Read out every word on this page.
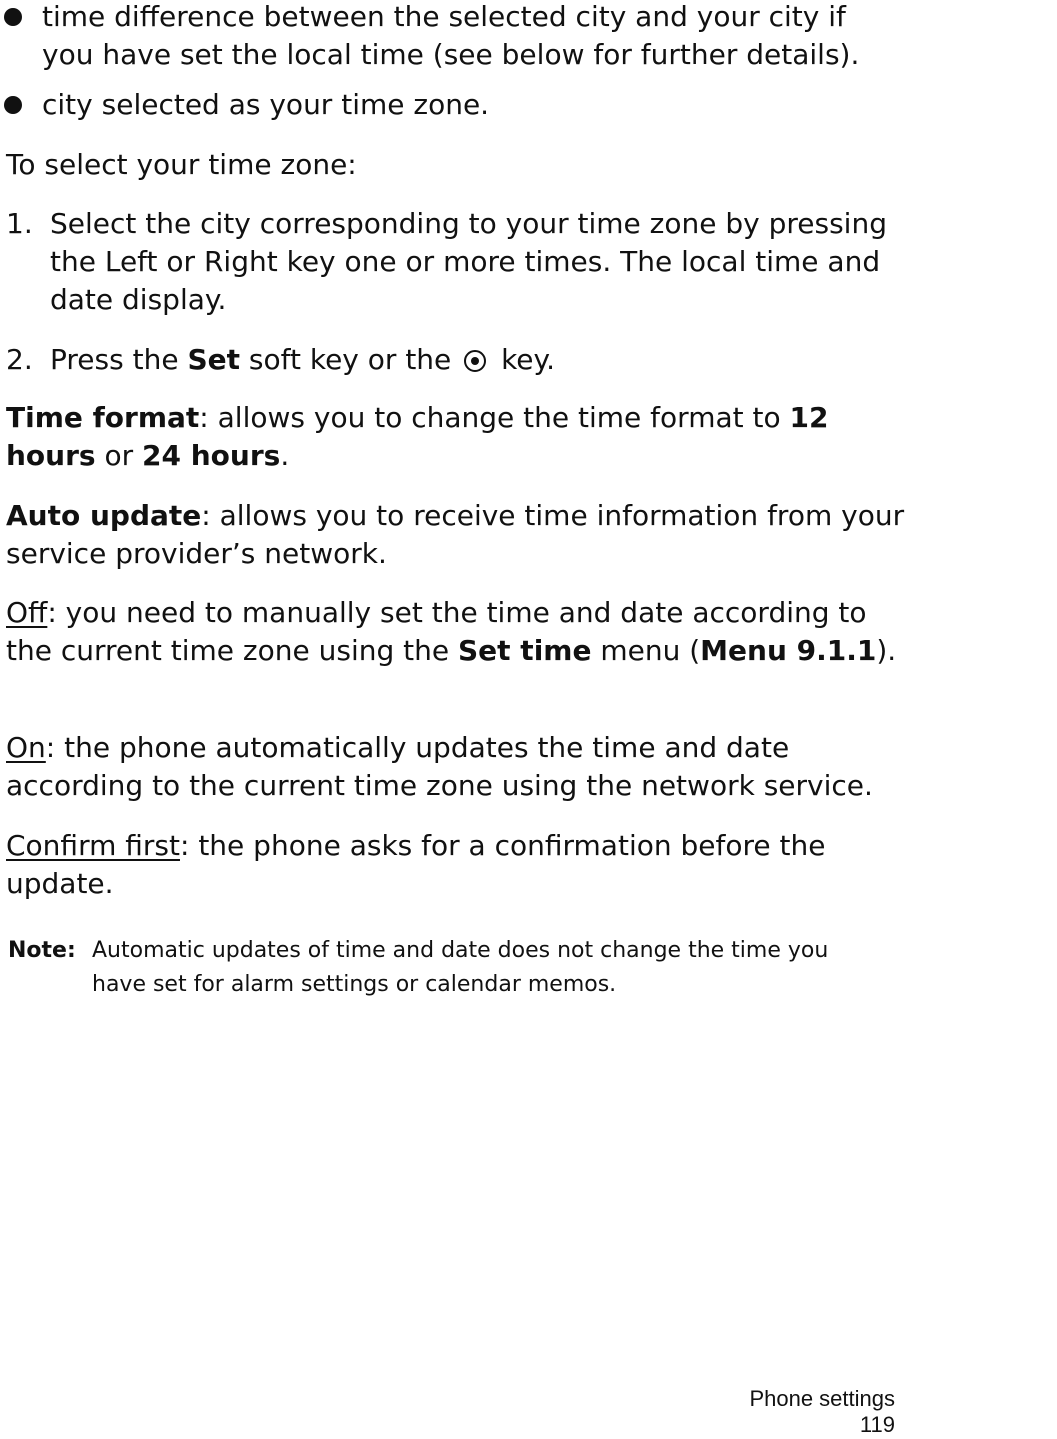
time difference between the selected city and your city if you have set the local time (see below for further details).
city selected as your time zone.

To select your time zone:

1. Select the city corresponding to your time zone by pressing the Left or Right key one or more times. The local time and date display.
2. Press the Set soft key or the  key.

Time format: allows you to change the time format to 12 hours or 24 hours.

Auto update: allows you to receive time information from your service provider’s network.

Off: you need to manually set the time and date according to the current time zone using the Set time menu (Menu 9.1.1).

On: the phone automatically updates the time and date according to the current time zone using the network service.

Confirm first: the phone asks for a confirmation before the update.

Note: Automatic updates of time and date does not change the time you have set for alarm settings or calendar memos.
Phone settings
119
